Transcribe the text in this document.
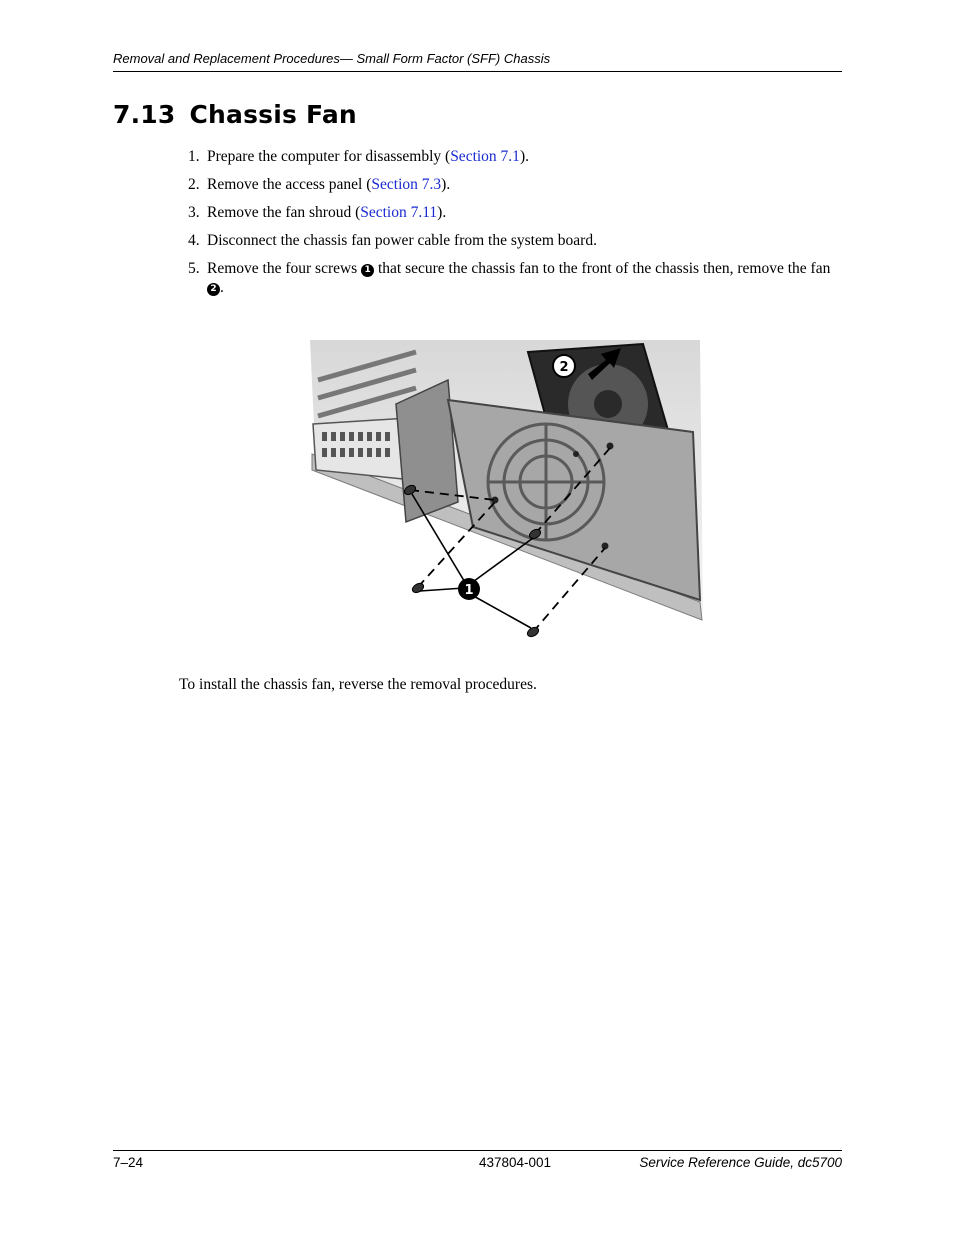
Removal and Replacement Procedures— Small Form Factor (SFF) Chassis
7.13 Chassis Fan
1. Prepare the computer for disassembly (Section 7.1).
2. Remove the access panel (Section 7.3).
3. Remove the fan shroud (Section 7.11).
4. Disconnect the chassis fan power cable from the system board.
5. Remove the four screws 1 that secure the chassis fan to the front of the chassis then, remove the fan 2 .
1
2
To install the chassis fan, reverse the removal procedures.
7–24	437804-001	Service Reference Guide, dc5700
